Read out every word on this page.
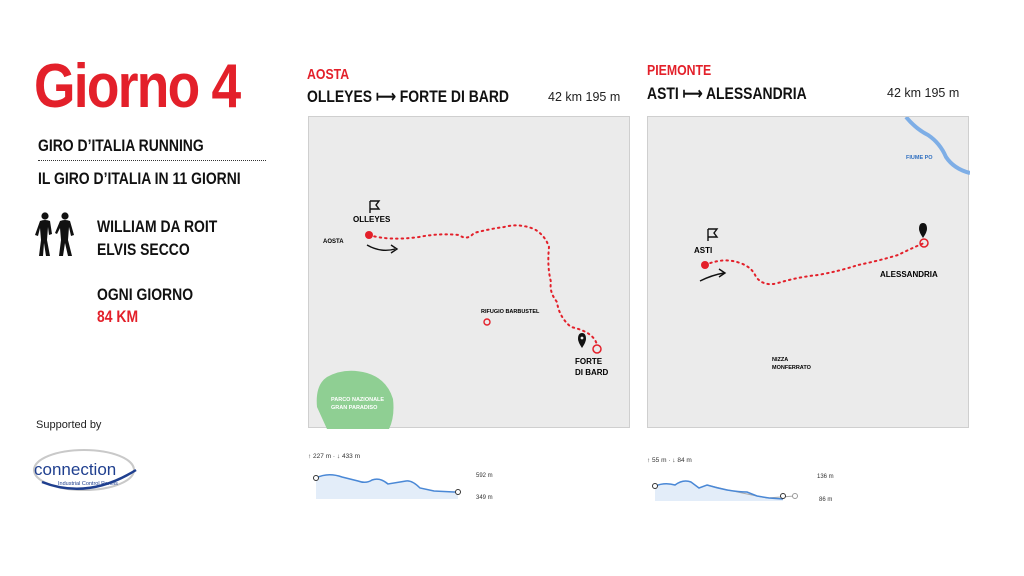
Giorno 4
GIRO D’ITALIA RUNNING
IL GIRO D’ITALIA IN 11 GIORNI
WILLIAM DA ROIT
ELVIS SECCO
OGNI GIORNO
84 KM
Supported by
connection
Industrial Control Panels
AOSTA
OLLEYES ⟼ FORTE DI BARD	42 km 195 m
PARCO NAZIONALE
GRAN PARADISO
OLLEYES
AOSTA
RIFUGIO BARBUSTEL
FORTE
DI BARD
↑ 227 m · ↓ 433 m
592 m
349 m
PIEMONTE
ASTI ⟼ ALESSANDRIA	42 km 195 m
FIUME PO
ASTI
ALESSANDRIA
NIZZA
MONFERRATO
↑ 55 m · ↓ 84 m
136 m
86 m
